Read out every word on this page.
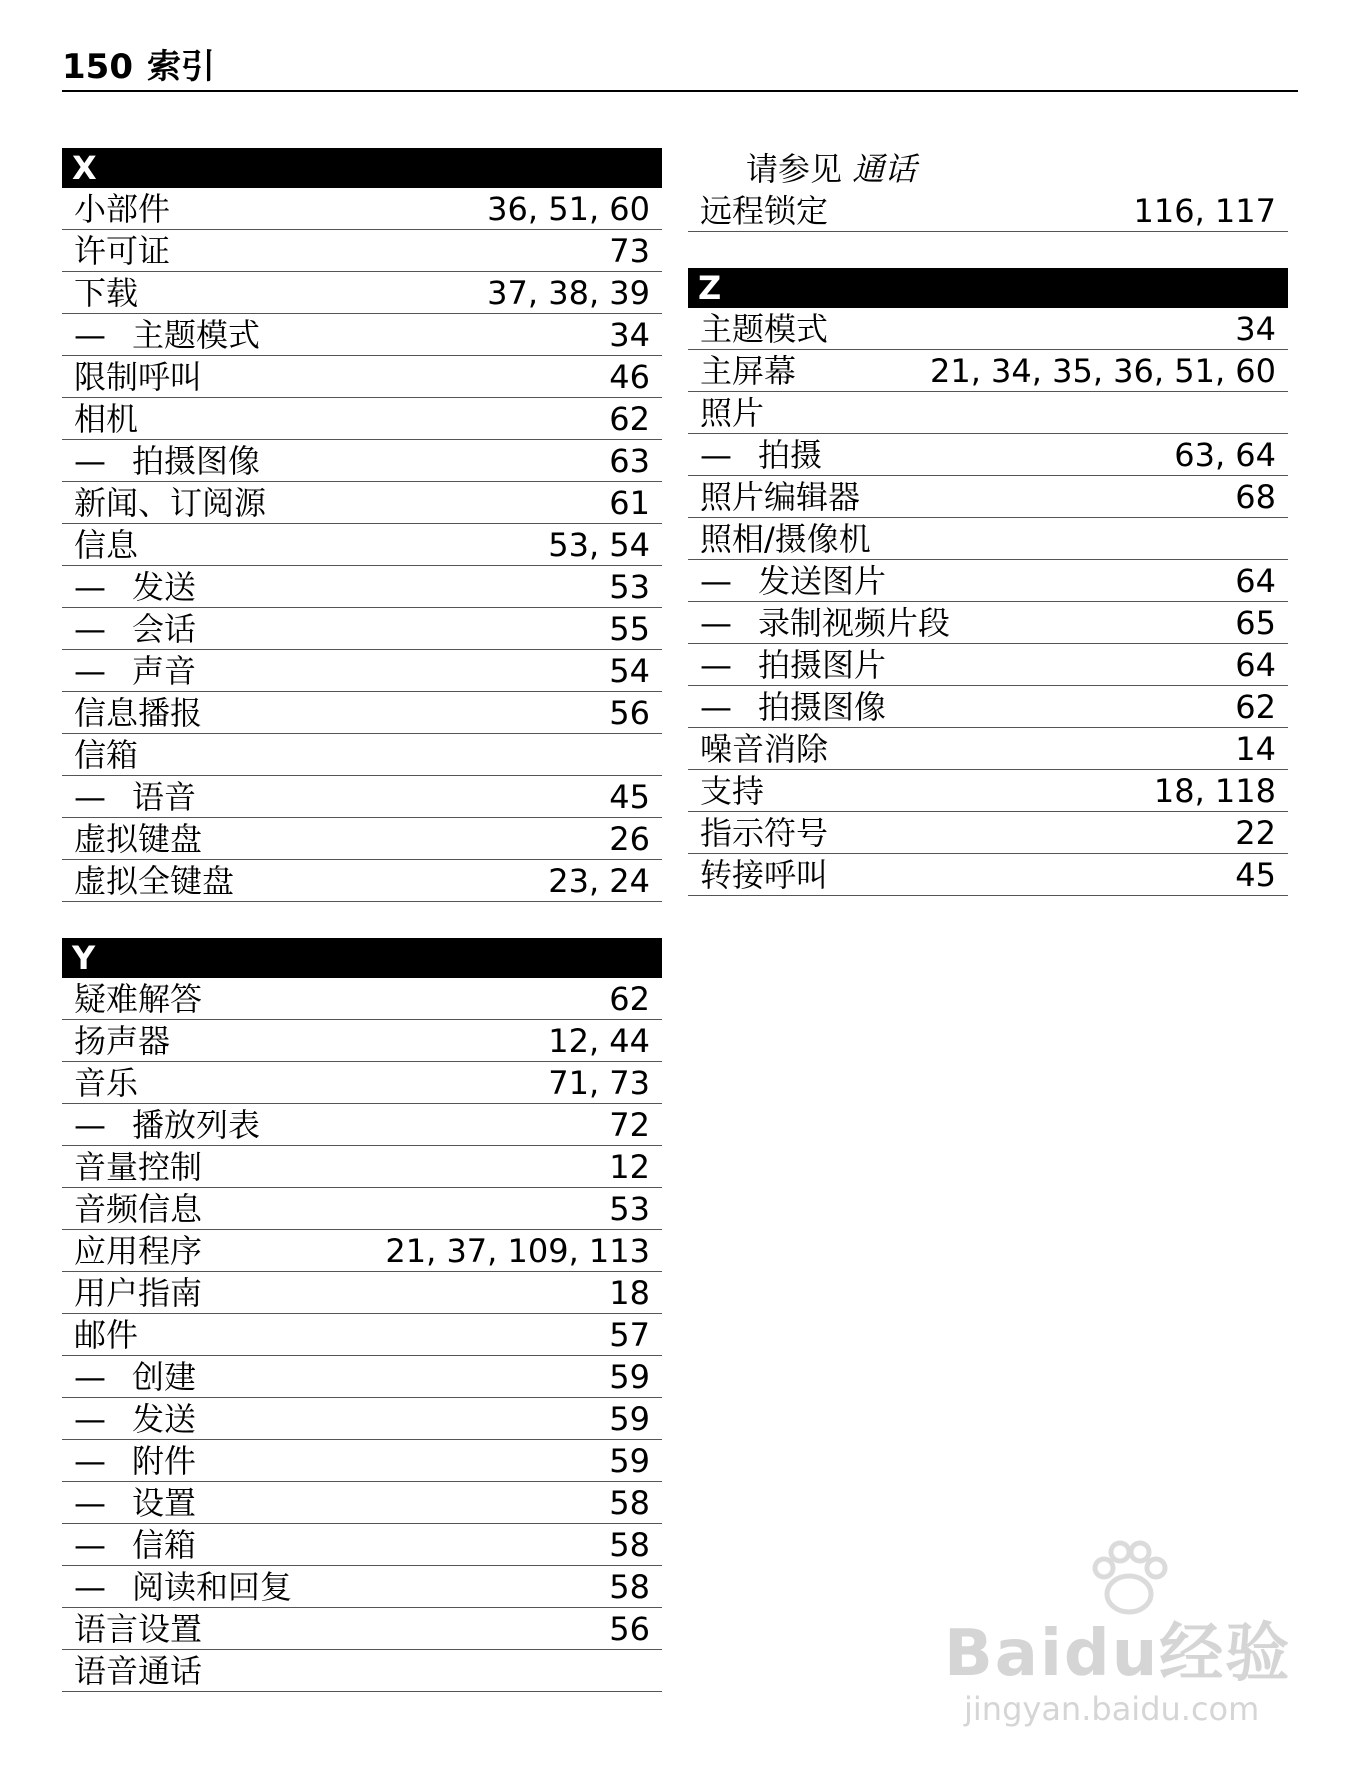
150 索引
X
小部件	36, 51, 60
许可证	73
下载	37, 38, 39
— 主题模式	34
限制呼叫	46
相机	62
— 拍摄图像	63
新闻、订阅源	61
信息	53, 54
— 发送	53
— 会话	55
— 声音	54
信息播报	56
信箱
— 语音	45
虚拟键盘	26
虚拟全键盘	23, 24
Y
疑难解答	62
扬声器	12, 44
音乐	71, 73
— 播放列表	72
音量控制	12
音频信息	53
应用程序	21, 37, 109, 113
用户指南	18
邮件	57
— 创建	59
— 发送	59
— 附件	59
— 设置	58
— 信箱	58
— 阅读和回复	58
语言设置	56
语音通话
请参见 通话
远程锁定	116, 117
Z
主题模式	34
主屏幕	21, 34, 35, 36, 51, 60
照片
— 拍摄	63, 64
照片编辑器	68
照相/摄像机
— 发送图片	64
— 录制视频片段	65
— 拍摄图片	64
— 拍摄图像	62
噪音消除	14
支持	18, 118
指示符号	22
转接呼叫	45
Baidu经验
jingyan.baidu.com
